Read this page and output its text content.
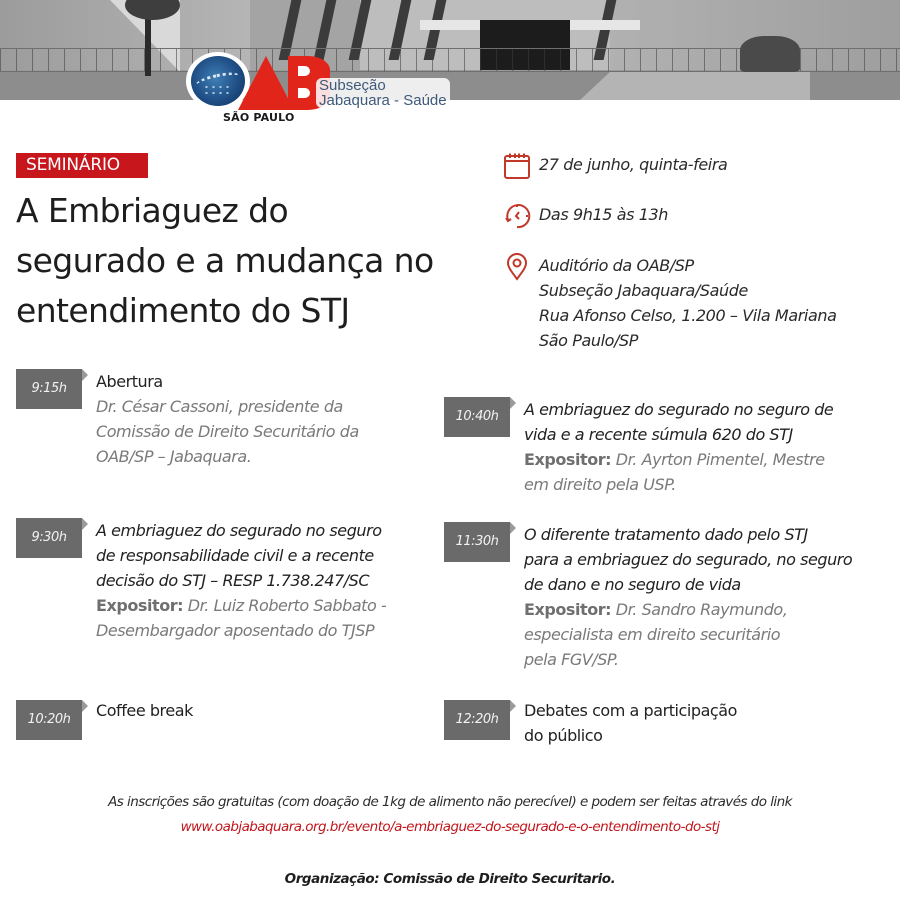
SÃO PAULO
Subseção
Jabaquara - Saúde
SEMINÁRIO
A Embriaguez do
segurado e a mudança no
entendimento do STJ
27 de junho, quinta-feira
Das 9h15 às 13h
Auditório da OAB/SP
Subseção Jabaquara/Saúde
Rua Afonso Celso, 1.200 – Vila Mariana
São Paulo/SP
9:15h	Abertura
Dr. César Cassoni, presidente da
Comissão de Direito Securitário da
OAB/SP – Jabaquara.
9:30h	A embriaguez do segurado no seguro
de responsabilidade civil e a recente
decisão do STJ – RESP 1.738.247/SC
Expositor: Dr. Luiz Roberto Sabbato -
Desembargador aposentado do TJSP
10:20h	Coffee break
10:40h	A embriaguez do segurado no seguro de
vida e a recente súmula 620 do STJ
Expositor: Dr. Ayrton Pimentel, Mestre
em direito pela USP.
11:30h	O diferente tratamento dado pelo STJ
para a embriaguez do segurado, no seguro
de dano e no seguro de vida
Expositor: Dr. Sandro Raymundo,
especialista em direito securitário
pela FGV/SP.
12:20h	Debates com a participação
do público
As inscrições são gratuitas (com doação de 1kg de alimento não perecível) e podem ser feitas através do link
www.oabjabaquara.org.br/evento/a-embriaguez-do-segurado-e-o-entendimento-do-stj
Organização: Comissão de Direito Securitario.
